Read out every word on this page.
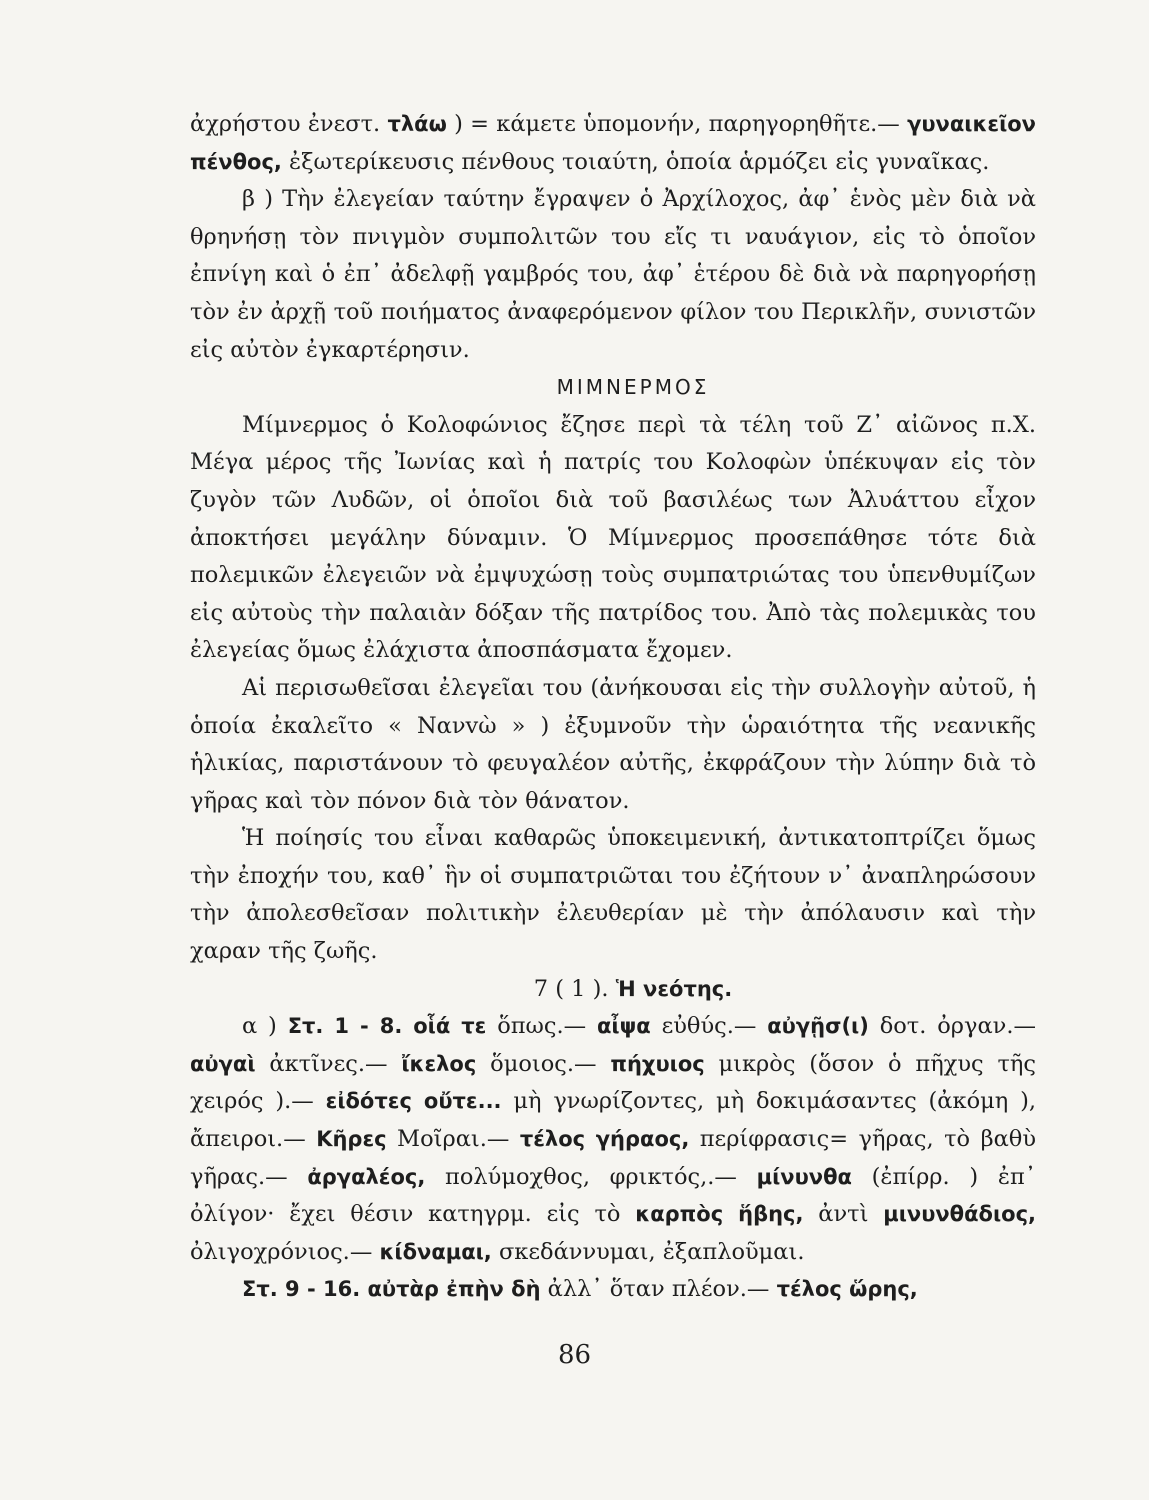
ἀχρήστου ἐνεστ. τλάω ) = κάμετε ὑπομονήν, παρηγορηθῆτε.— γυναικεῖον πένθος, ἐξωτερίκευσις πένθους τοιαύτη, ὁποία ἁρμόζει εἰς γυναῖκας.

β ) Τὴν ἐλεγείαν ταύτην ἔγραψεν ὁ Ἀρχίλοχος, ἀφ᾽ ἑνὸς μὲν διὰ νὰ θρηνήσῃ τὸν πνιγμὸν συμπολιτῶν του εἴς τι ναυάγιον, εἰς τὸ ὁποῖον ἐπνίγη καὶ ὁ ἐπ᾽ ἀδελφῇ γαμβρός του, ἀφ᾽ ἑτέρου δὲ διὰ νὰ παρηγορήσῃ τὸν ἐν ἀρχῇ τοῦ ποιήματος ἀναφερόμενον φίλον του Περικλῆν, συνιστῶν εἰς αὐτὸν ἐγκαρτέρησιν.

ΜΙΜΝΕΡΜΟΣ

Μίμνερμος ὁ Κολοφώνιος ἔζησε περὶ τὰ τέλη τοῦ Ζ᾽ αἰῶνος π.Χ. Μέγα μέρος τῆς Ἰωνίας καὶ ἡ πατρίς του Κολοφὼν ὑπέκυψαν εἰς τὸν ζυγὸν τῶν Λυδῶν, οἱ ὁποῖοι διὰ τοῦ βασιλέως των Ἀλυάττου εἶχον ἀποκτήσει μεγάλην δύναμιν. Ὁ Μίμνερμος προσεπάθησε τότε διὰ πολεμικῶν ἐλεγειῶν νὰ ἐμψυχώσῃ τοὺς συμπατριώτας του ὑπενθυμίζων εἰς αὐτοὺς τὴν παλαιὰν δόξαν τῆς πατρίδος του. Ἀπὸ τὰς πολεμικὰς του ἐλεγείας ὅμως ἐλάχιστα ἀποσπάσματα ἔχομεν.

Αἱ περισωθεῖσαι ἐλεγεῖαι του (ἀνήκουσαι εἰς τὴν συλλογὴν αὐτοῦ, ἡ ὁποία ἐκαλεῖτο « Νανvὼ » ) ἐξυμνοῦν τὴν ὡραιότητα τῆς νεανικῆς ἡλικίας, παριστάνουν τὸ φευγαλέον αὐτῆς, ἐκφράζουν τὴν λύπην διὰ τὸ γῆρας καὶ τὸν πόνον διὰ τὸν θάνατον.

Ἡ ποίησίς του εἶναι καθαρῶς ὑποκειμενική, ἀντικατοπτρίζει ὅμως τὴν ἐποχήν του, καθ᾽ ἣν οἱ συμπατριῶται του ἐζήτουν ν᾽ ἀναπληρώσουν τὴν ἀπολεσθεῖσαν πολιτικὴν ἐλευθερίαν μὲ τὴν ἀπόλαυσιν καὶ τὴν χαραν τῆς ζωῆς.

7 ( 1 ). Ἡ νεότης.

α ) Στ. 1 - 8. οἷά τε ὅπως.— αἶψα εὐθύς.— αὐγῇσ(ι) δοτ. ὀργαν.— αὐγαὶ ἀκτῖνες.— ἴκελος ὅμοιος.— πήχυιος μικρὸς (ὅσον ὁ πῆχυς τῆς χειρός ).— εἰδότες οὔτε... μὴ γνωρίζοντες, μὴ δοκιμάσαντες (ἀκόμη ), ἄπειροι.— Κῆρες Μοῖραι.— τέλος γήραος, περίφρασις= γῆρας, τὸ βαθὺ γῆρας.— ἀργαλέος, πολύμοχθος, φρικτός,.— μίνυνθα (ἐπίρρ. ) ἐπ᾽ ὀλίγον· ἔχει θέσιν κατηγρμ. εἰς τὸ καρπὸς ἥβης, ἀντὶ μινυνθάδιος, ὀλιγοχρόνιος.— κίδναμαι, σκεδάννυμαι, ἐξαπλοῦμαι.

Στ. 9 - 16. αὐτὰρ ἐπὴν δὴ ἀλλ᾽ ὅταν πλέον.— τέλος ὥρης,

86
